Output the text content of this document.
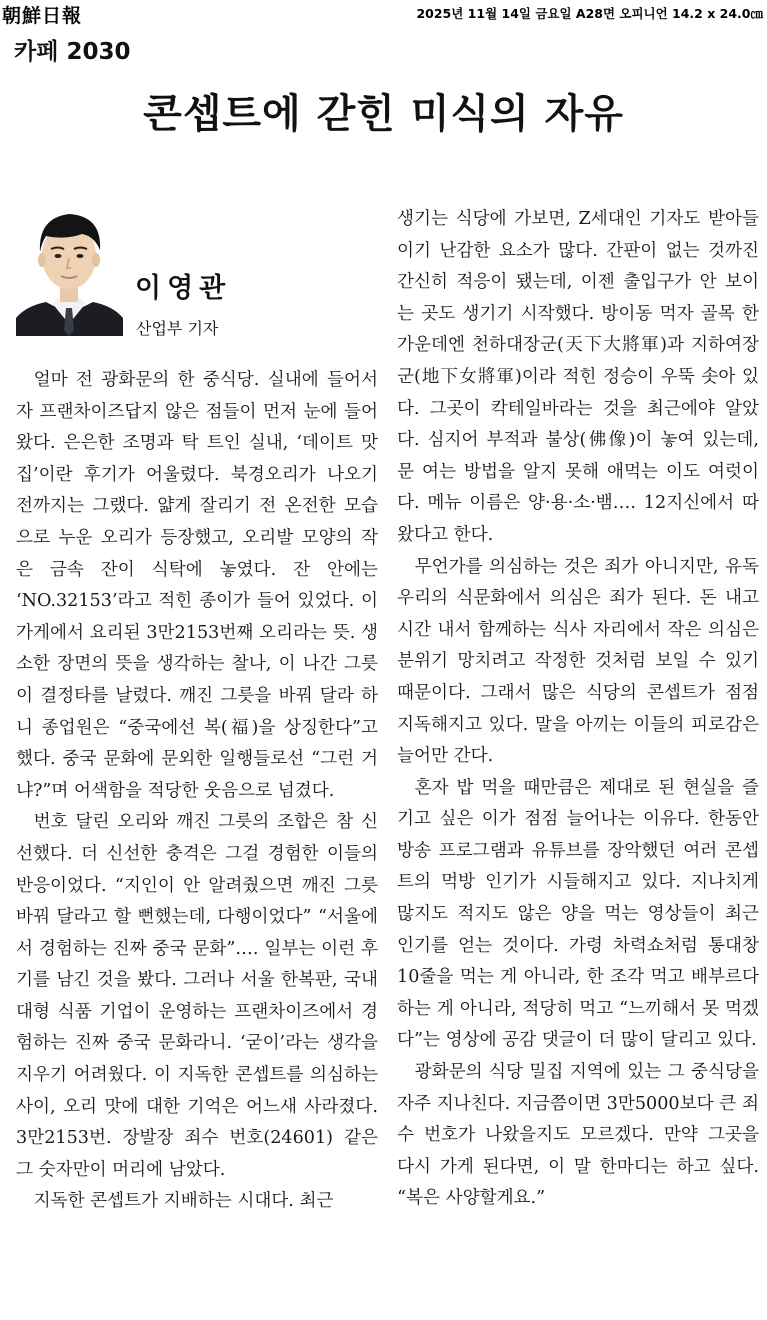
朝鮮日報	2025년 11월 14일 금요일 A28면 오피니언 14.2 x 24.0㎝
카페 2030
콘셉트에 갇힌 미식의 자유
이영관
산업부 기자

얼마 전 광화문의 한 중식당. 실내에 들어서자 프랜차이즈답지 않은 점들이 먼저 눈에 들어왔다. 은은한 조명과 탁 트인 실내, ‘데이트 맛집’이란 후기가 어울렸다. 북경오리가 나오기 전까지는 그랬다. 얇게 잘리기 전 온전한 모습으로 누운 오리가 등장했고, 오리발 모양의 작은 금속 잔이 식탁에 놓였다. 잔 안에는 ‘NO.32153’라고 적힌 종이가 들어 있었다. 이 가게에서 요리된 3만2153번째 오리라는 뜻. 생소한 장면의 뜻을 생각하는 찰나, 이 나간 그릇이 결정타를 날렸다. 깨진 그릇을 바꿔 달라 하니 종업원은 “중국에선 복(福)을 상징한다”고 했다. 중국 문화에 문외한 일행들로선 “그런 거냐?”며 어색함을 적당한 웃음으로 넘겼다.

번호 달린 오리와 깨진 그릇의 조합은 참 신선했다. 더 신선한 충격은 그걸 경험한 이들의 반응이었다. “지인이 안 알려줬으면 깨진 그릇 바꿔 달라고 할 뻔했는데, 다행이었다” “서울에서 경험하는 진짜 중국 문화”…. 일부는 이런 후기를 남긴 것을 봤다. 그러나 서울 한복판, 국내 대형 식품 기업이 운영하는 프랜차이즈에서 경험하는 진짜 중국 문화라니. ‘굳이’라는 생각을 지우기 어려웠다. 이 지독한 콘셉트를 의심하는 사이, 오리 맛에 대한 기억은 어느새 사라졌다. 3만2153번. 장발장 죄수 번호(24601) 같은 그 숫자만이 머리에 남았다.

지독한 콘셉트가 지배하는 시대다. 최근

생기는 식당에 가보면, Z세대인 기자도 받아들이기 난감한 요소가 많다. 간판이 없는 것까진 간신히 적응이 됐는데, 이젠 출입구가 안 보이는 곳도 생기기 시작했다. 방이동 먹자 골목 한가운데엔 천하대장군(天下大將軍)과 지하여장군(地下女將軍)이라 적힌 정승이 우뚝 솟아 있다. 그곳이 칵테일바라는 것을 최근에야 알았다. 심지어 부적과 불상(佛像)이 놓여 있는데, 문 여는 방법을 알지 못해 애먹는 이도 여럿이다. 메뉴 이름은 양·용·소·뱀…. 12지신에서 따왔다고 한다.

무언가를 의심하는 것은 죄가 아니지만, 유독 우리의 식문화에서 의심은 죄가 된다. 돈 내고 시간 내서 함께하는 식사 자리에서 작은 의심은 분위기 망치려고 작정한 것처럼 보일 수 있기 때문이다. 그래서 많은 식당의 콘셉트가 점점 지독해지고 있다. 말을 아끼는 이들의 피로감은 늘어만 간다.

혼자 밥 먹을 때만큼은 제대로 된 현실을 즐기고 싶은 이가 점점 늘어나는 이유다. 한동안 방송 프로그램과 유튜브를 장악했던 여러 콘셉트의 먹방 인기가 시들해지고 있다. 지나치게 많지도 적지도 않은 양을 먹는 영상들이 최근 인기를 얻는 것이다. 가령 차력쇼처럼 통대창 10줄을 먹는 게 아니라, 한 조각 먹고 배부르다 하는 게 아니라, 적당히 먹고 “느끼해서 못 먹겠다”는 영상에 공감 댓글이 더 많이 달리고 있다.

광화문의 식당 밀집 지역에 있는 그 중식당을 자주 지나친다. 지금쯤이면 3만5000보다 큰 죄수 번호가 나왔을지도 모르겠다. 만약 그곳을 다시 가게 된다면, 이 말 한마디는 하고 싶다. “복은 사양할게요.”
